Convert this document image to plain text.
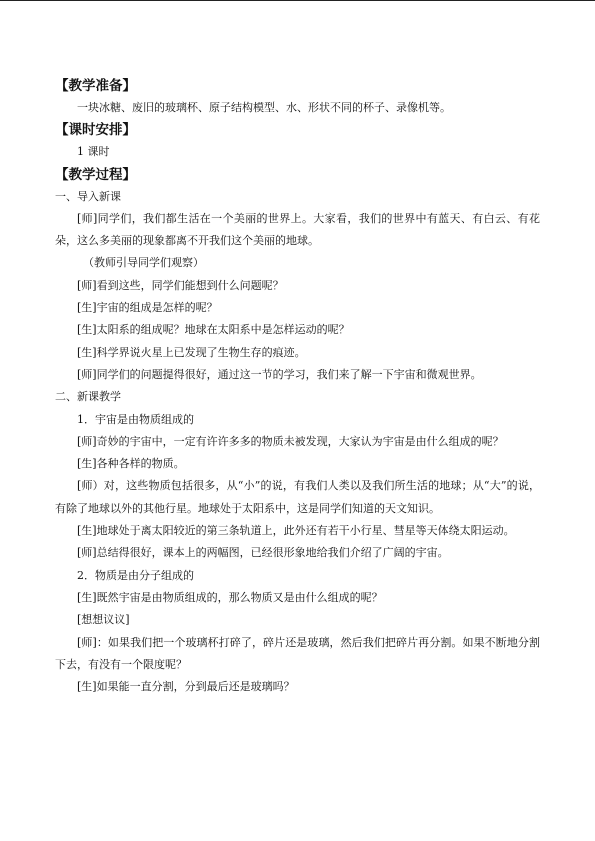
【教学准备】

一块冰糖、废旧的玻璃杯、原子结构模型、水、形状不同的杯子、录像机等。

【课时安排】

1 课时

【教学过程】

一、导入新课

[师]同学们，我们都生活在一个美丽的世界上。大家看，我们的世界中有蓝天、有白云、有花朵，这么多美丽的现象都离不开我们这个美丽的地球。

（教师引导同学们观察）

[师]看到这些，同学们能想到什么问题呢？

[生]宇宙的组成是怎样的呢？

[生]太阳系的组成呢？地球在太阳系中是怎样运动的呢？

[生]科学界说火星上已发现了生物生存的痕迹。

[师]同学们的问题提得很好，通过这一节的学习，我们来了解一下宇宙和微观世界。

二、新课教学

1．宇宙是由物质组成的

[师]奇妙的宇宙中，一定有许许多多的物质未被发现，大家认为宇宙是由什么组成的呢？

[生]各种各样的物质。

[师）对，这些物质包括很多，从“小”的说，有我们人类以及我们所生活的地球；从“大”的说，有除了地球以外的其他行星。地球处于太阳系中，这是同学们知道的天文知识。

[生]地球处于离太阳较近的第三条轨道上，此外还有若干小行星、彗星等天体绕太阳运动。

[师]总结得很好，课本上的两幅图，已经很形象地给我们介绍了广阔的宇宙。

2．物质是由分子组成的

[生]既然宇宙是由物质组成的，那么物质又是由什么组成的呢？

[想想议议]

[师]：如果我们把一个玻璃杯打碎了，碎片还是玻璃，然后我们把碎片再分割。如果不断地分割下去，有没有一个限度呢？

[生]如果能一直分割，分到最后还是玻璃吗？
